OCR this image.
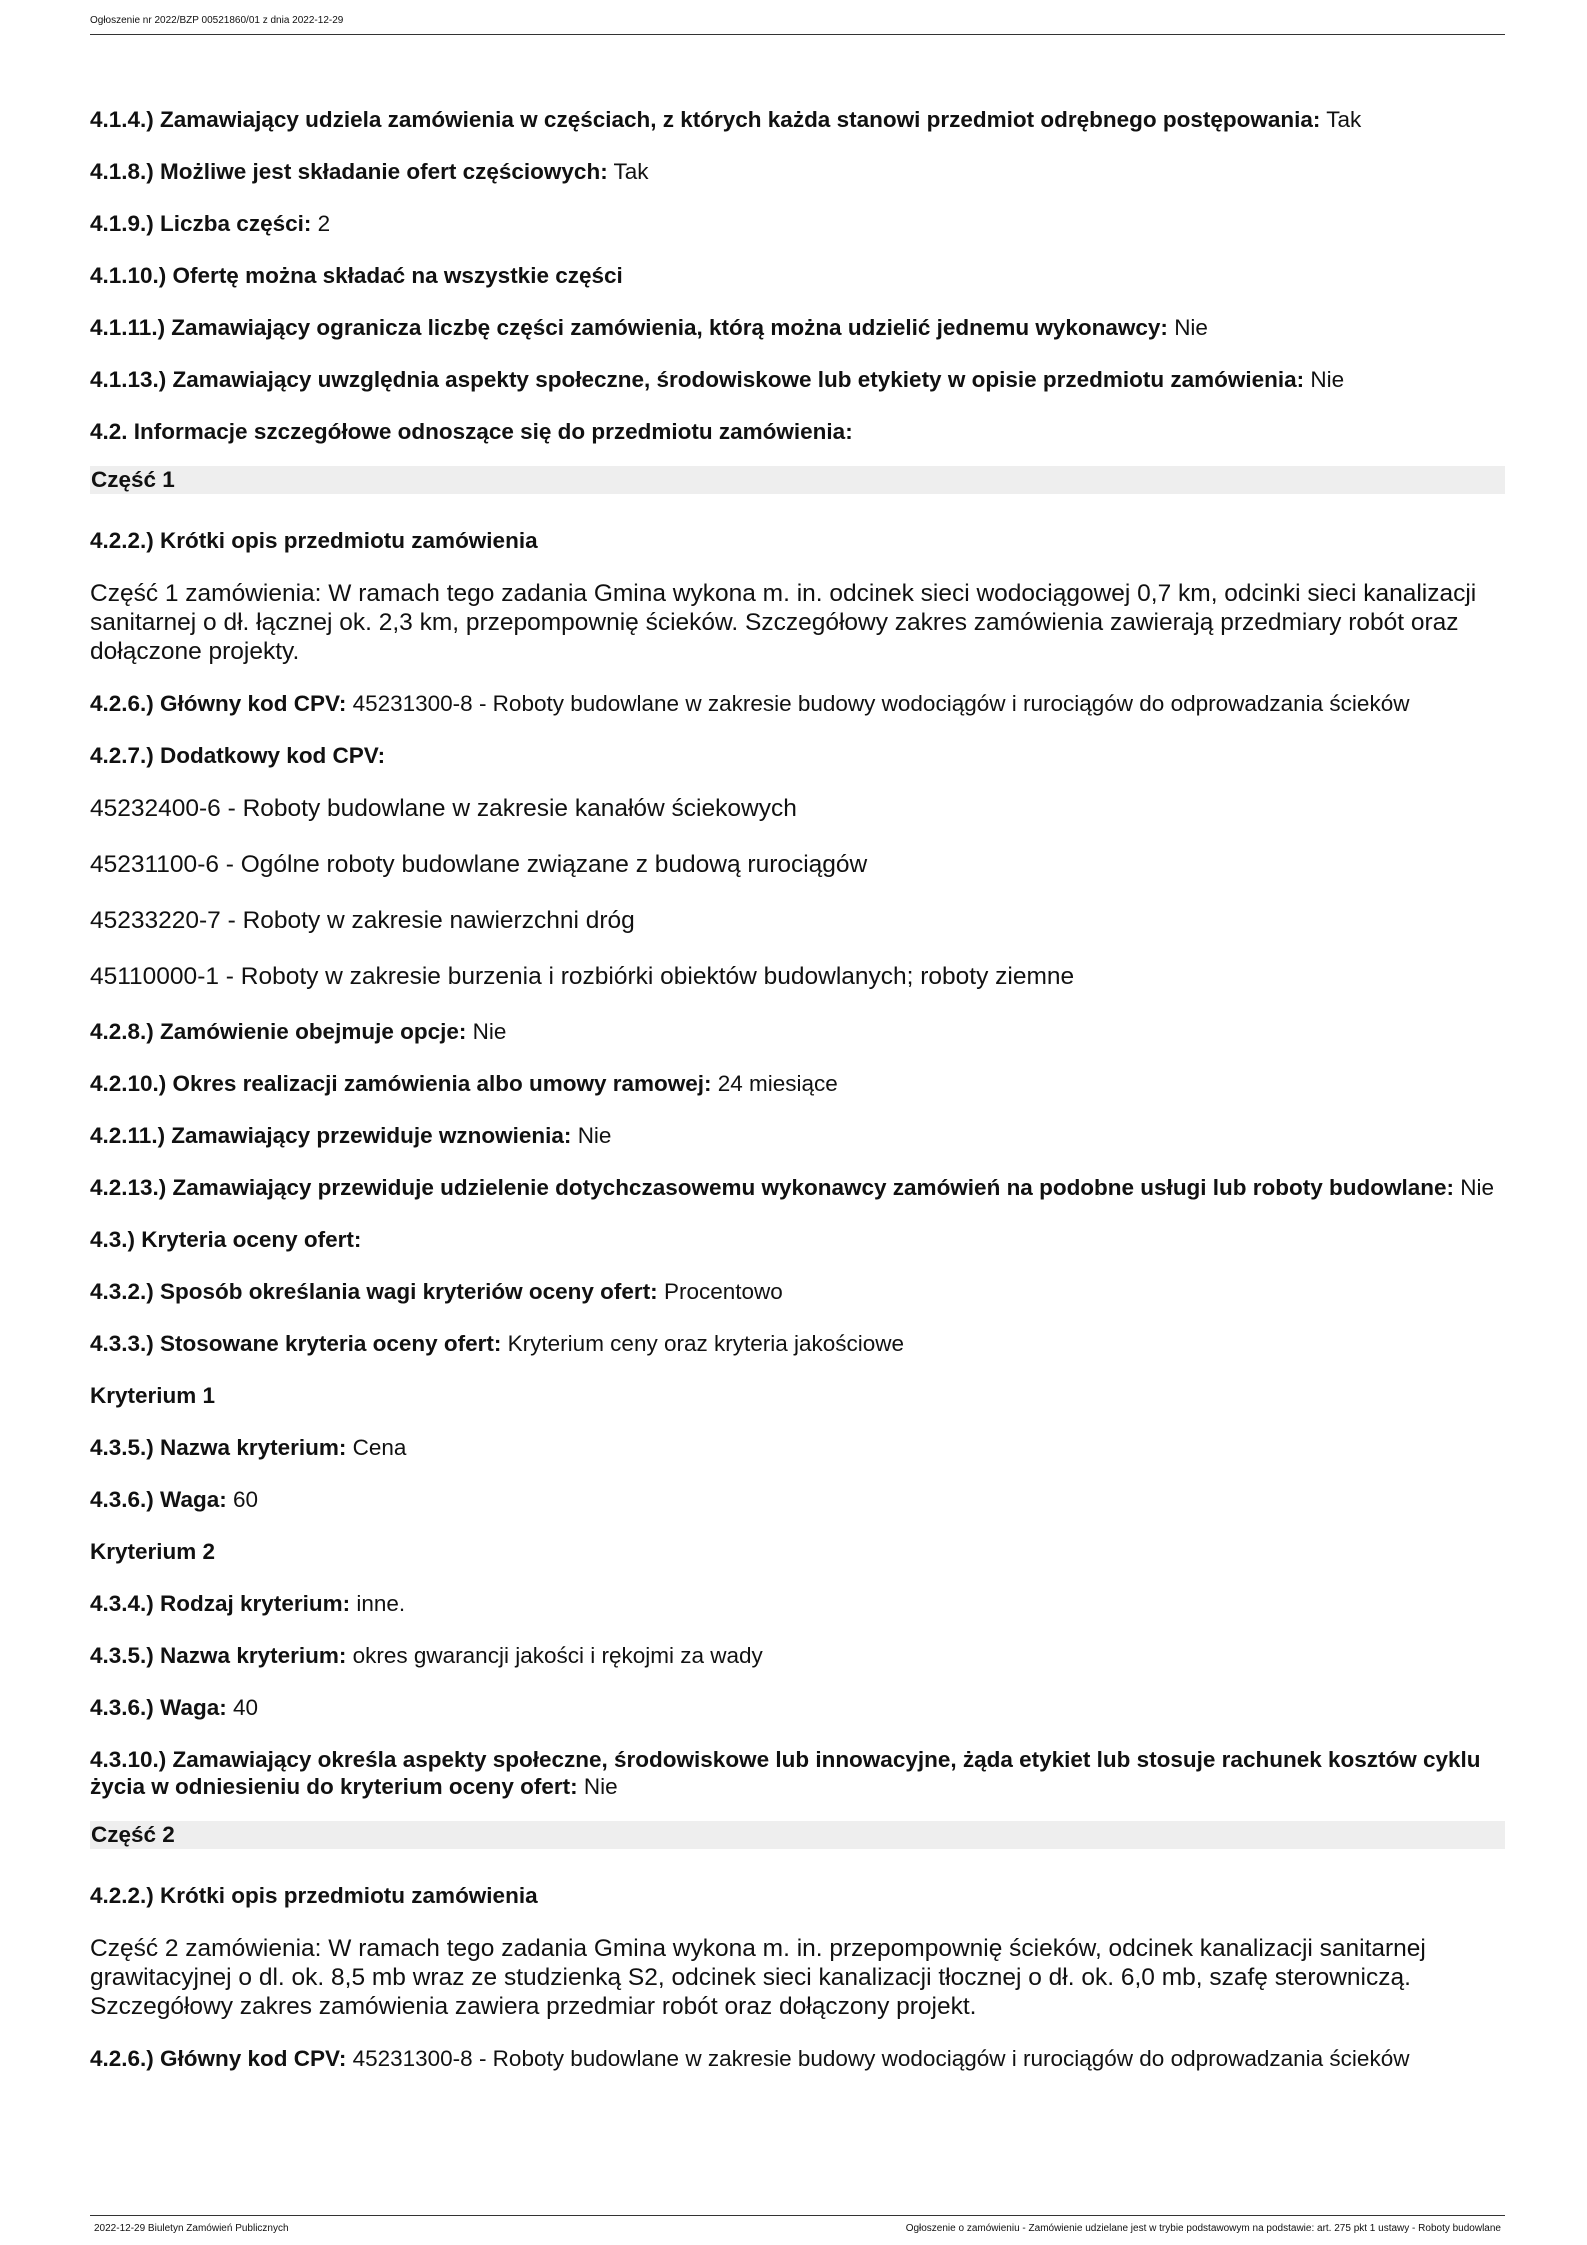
Ogłoszenie nr 2022/BZP 00521860/01 z dnia 2022-12-29
4.1.4.) Zamawiający udziela zamówienia w częściach, z których każda stanowi przedmiot odrębnego postępowania: Tak
4.1.8.) Możliwe jest składanie ofert częściowych: Tak
4.1.9.) Liczba części: 2
4.1.10.) Ofertę można składać na wszystkie części
4.1.11.) Zamawiający ogranicza liczbę części zamówienia, którą można udzielić jednemu wykonawcy: Nie
4.1.13.) Zamawiający uwzględnia aspekty społeczne, środowiskowe lub etykiety w opisie przedmiotu zamówienia: Nie
4.2. Informacje szczegółowe odnoszące się do przedmiotu zamówienia:
Część 1
4.2.2.) Krótki opis przedmiotu zamówienia
Część 1 zamówienia: W ramach tego zadania Gmina wykona m. in. odcinek sieci wodociągowej 0,7 km, odcinki sieci kanalizacji sanitarnej o dł. łącznej ok. 2,3 km, przepompownię ścieków. Szczegółowy zakres zamówienia zawierają przedmiary robót oraz dołączone projekty.
4.2.6.) Główny kod CPV: 45231300-8 - Roboty budowlane w zakresie budowy wodociągów i rurociągów do odprowadzania ścieków
4.2.7.) Dodatkowy kod CPV:
45232400-6 - Roboty budowlane w zakresie kanałów ściekowych
45231100-6 - Ogólne roboty budowlane związane z budową rurociągów
45233220-7 - Roboty w zakresie nawierzchni dróg
45110000-1 - Roboty w zakresie burzenia i rozbiórki obiektów budowlanych; roboty ziemne
4.2.8.) Zamówienie obejmuje opcje: Nie
4.2.10.) Okres realizacji zamówienia albo umowy ramowej: 24 miesiące
4.2.11.) Zamawiający przewiduje wznowienia: Nie
4.2.13.) Zamawiający przewiduje udzielenie dotychczasowemu wykonawcy zamówień na podobne usługi lub roboty budowlane: Nie
4.3.) Kryteria oceny ofert:
4.3.2.) Sposób określania wagi kryteriów oceny ofert: Procentowo
4.3.3.) Stosowane kryteria oceny ofert: Kryterium ceny oraz kryteria jakościowe
Kryterium 1
4.3.5.) Nazwa kryterium: Cena
4.3.6.) Waga: 60
Kryterium 2
4.3.4.) Rodzaj kryterium: inne.
4.3.5.) Nazwa kryterium: okres gwarancji jakości i rękojmi za wady
4.3.6.) Waga: 40
4.3.10.) Zamawiający określa aspekty społeczne, środowiskowe lub innowacyjne, żąda etykiet lub stosuje rachunek kosztów cyklu życia w odniesieniu do kryterium oceny ofert: Nie
Część 2
4.2.2.) Krótki opis przedmiotu zamówienia
Część 2 zamówienia: W ramach tego zadania Gmina wykona m. in. przepompownię ścieków, odcinek kanalizacji sanitarnej grawitacyjnej o dl. ok. 8,5 mb wraz ze studzienką S2, odcinek sieci kanalizacji tłocznej o dł. ok. 6,0 mb, szafę sterowniczą. Szczegółowy zakres zamówienia zawiera przedmiar robót oraz dołączony projekt.
4.2.6.) Główny kod CPV: 45231300-8 - Roboty budowlane w zakresie budowy wodociągów i rurociągów do odprowadzania ścieków
2022-12-29 Biuletyn Zamówień Publicznych	Ogłoszenie o zamówieniu - Zamówienie udzielane jest w trybie podstawowym na podstawie: art. 275 pkt 1 ustawy - Roboty budowlane
